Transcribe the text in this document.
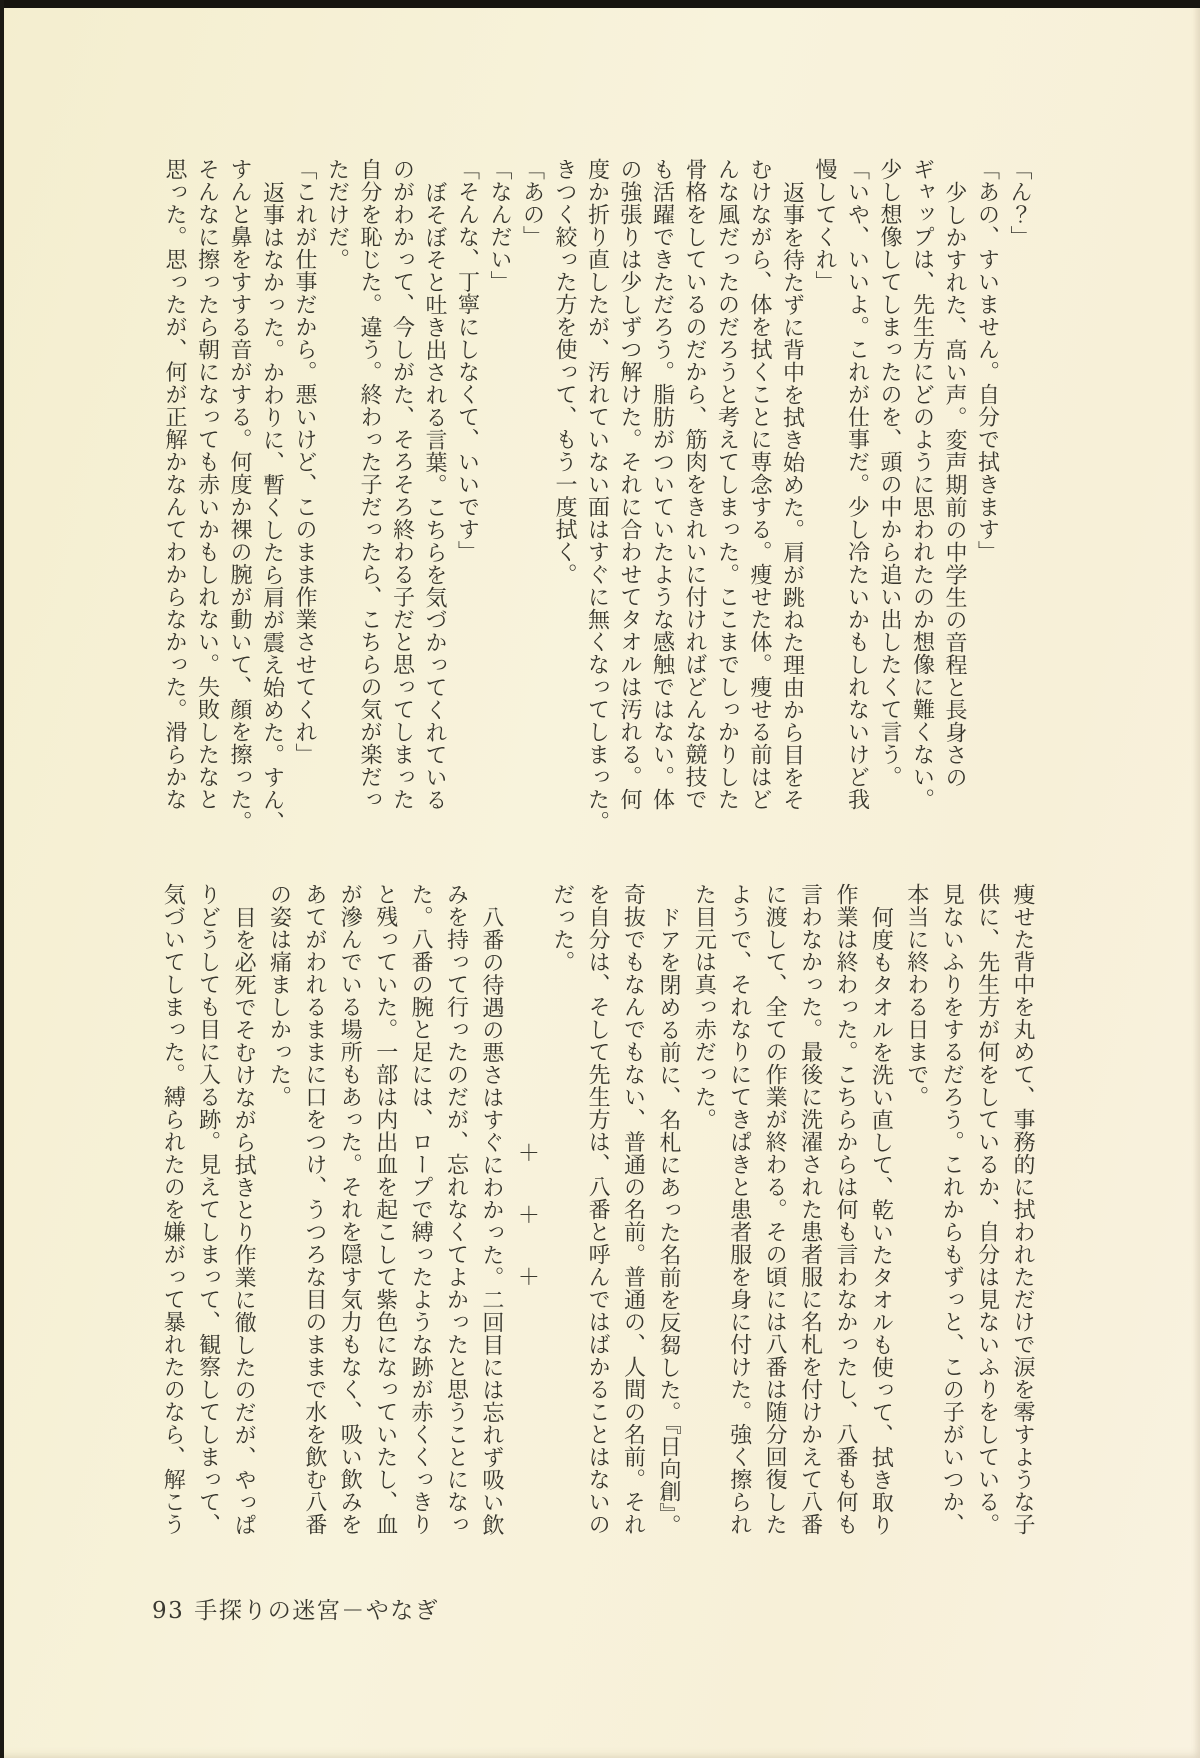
「ん？」

「あの、すいません。自分で拭きます」

少しかすれた、高い声。変声期前の中学生の音程と長身さの

ギャップは、先生方にどのように思われたのか想像に難くない。

少し想像してしまったのを、頭の中から追い出したくて言う。

「いや、いいよ。これが仕事だ。少し冷たいかもしれないけど我

慢してくれ」

返事を待たずに背中を拭き始めた。肩が跳ねた理由から目をそ

むけながら、体を拭くことに専念する。痩せた体。痩せる前はど

んな風だったのだろうと考えてしまった。ここまでしっかりした

骨格をしているのだから、筋肉をきれいに付ければどんな競技で

も活躍できただろう。脂肪がついていたような感触ではない。体

の強張りは少しずつ解けた。それに合わせてタオルは汚れる。何

度か折り直したが、汚れていない面はすぐに無くなってしまった。

きつく絞った方を使って、もう一度拭く。

「あの」

「なんだい」

「そんな、丁寧にしなくて、いいです」

ぼそぼそと吐き出される言葉。こちらを気づかってくれている

のがわかって、今しがた、そろそろ終わる子だと思ってしまった

自分を恥じた。違う。終わった子だったら、こちらの気が楽だっ

ただけだ。

「これが仕事だから。悪いけど、このまま作業させてくれ」

返事はなかった。かわりに、暫くしたら肩が震え始めた。すん、

すんと鼻をすする音がする。何度か裸の腕が動いて、顔を擦った。

そんなに擦ったら朝になっても赤いかもしれない。失敗したなと

思った。思ったが、何が正解かなんてわからなかった。滑らかな

痩せた背中を丸めて、事務的に拭われただけで涙を零すような子

供に、先生方が何をしているか、自分は見ないふりをしている。

見ないふりをするだろう。これからもずっと、この子がいつか、

本当に終わる日まで。

何度もタオルを洗い直して、乾いたタオルも使って、拭き取り

作業は終わった。こちらからは何も言わなかったし、八番も何も

言わなかった。最後に洗濯された患者服に名札を付けかえて八番

に渡して、全ての作業が終わる。その頃には八番は随分回復した

ようで、それなりにてきぱきと患者服を身に付けた。強く擦られ

た目元は真っ赤だった。

ドアを閉める前に、名札にあった名前を反芻した。『日向創』。

奇抜でもなんでもない、普通の名前。普通の、人間の名前。それ

を自分は、そして先生方は、八番と呼んではばかることはないの

だった。

＋＋＋

八番の待遇の悪さはすぐにわかった。二回目には忘れず吸い飲

みを持って行ったのだが、忘れなくてよかったと思うことになっ

た。八番の腕と足には、ロープで縛ったような跡が赤くくっきり

と残っていた。一部は内出血を起こして紫色になっていたし、血

が滲んでいる場所もあった。それを隠す気力もなく、吸い飲みを

あてがわれるままに口をつけ、うつろな目のままで水を飲む八番

の姿は痛ましかった。

目を必死でそむけながら拭きとり作業に徹したのだが、やっぱ

りどうしても目に入る跡。見えてしまって、観察してしまって、

気づいてしまった。縛られたのを嫌がって暴れたのなら、解こう

93 手探りの迷宮－やなぎ
